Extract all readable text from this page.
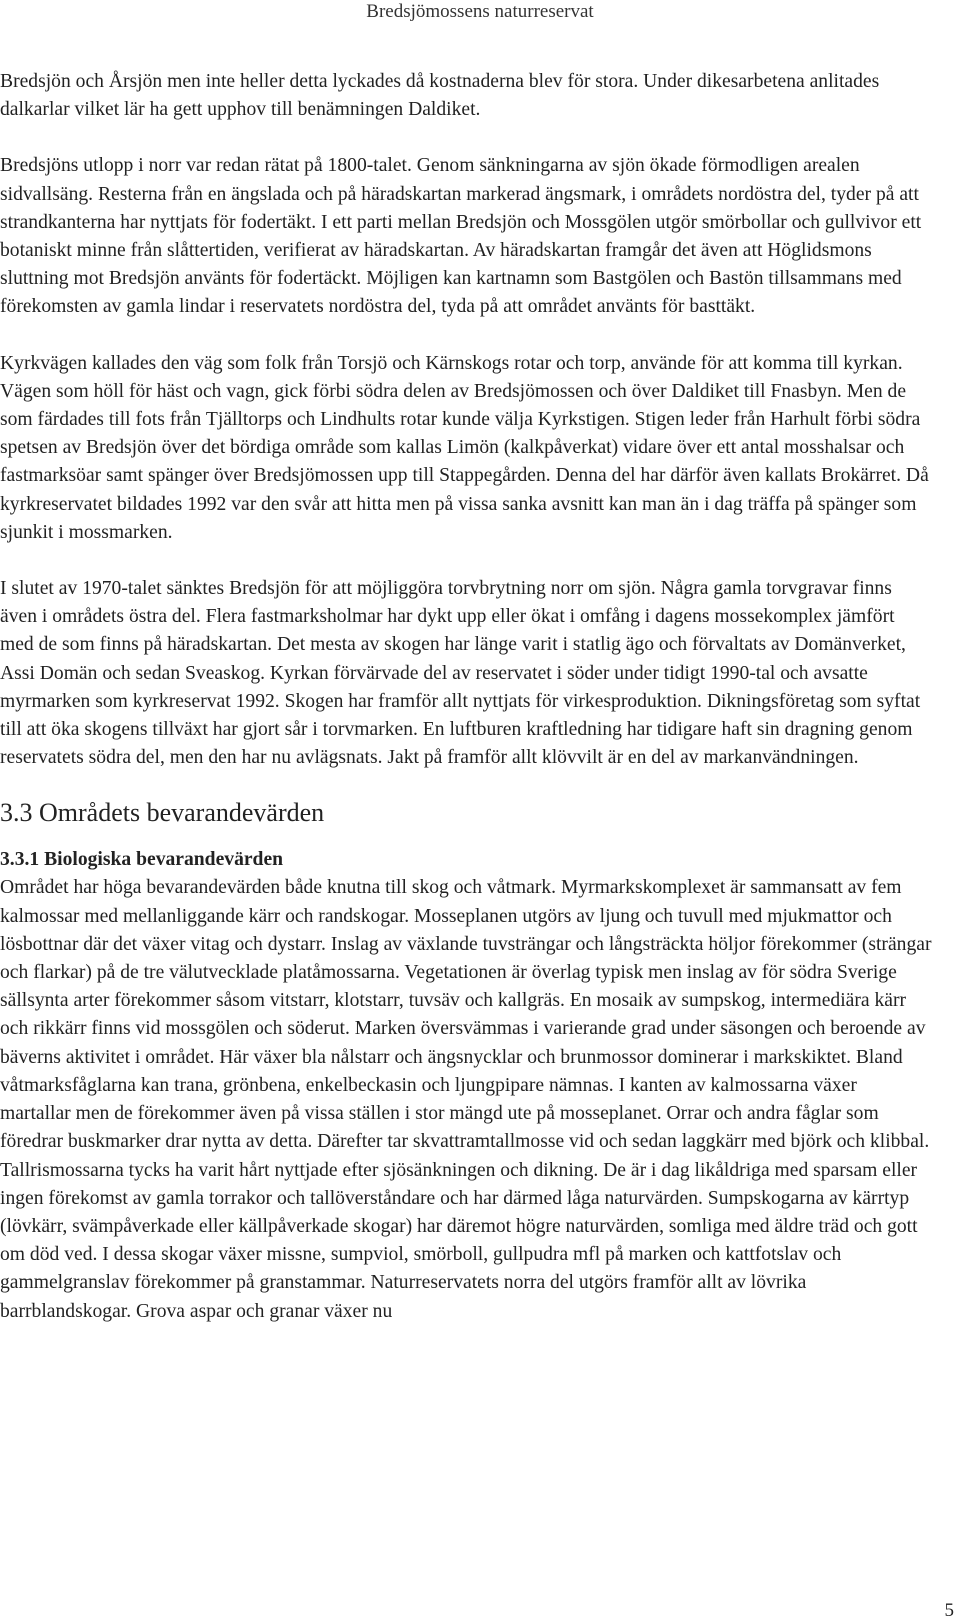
Bredsjömossens naturreservat

Bredsjön och Årsjön men inte heller detta lyckades då kostnaderna blev för stora. Under dikesarbetena anlitades dalkarlar vilket lär ha gett upphov till benämningen Daldiket.

Bredsjöns utlopp i norr var redan rätat på 1800-talet. Genom sänkningarna av sjön ökade förmodligen arealen sidvallsäng. Resterna från en ängslada och på häradskartan markerad ängsmark, i områdets nordöstra del, tyder på att strandkanterna har nyttjats för fodertäkt. I ett parti mellan Bredsjön och Mossgölen utgör smörbollar och gullvivor ett botaniskt minne från slåttertiden, verifierat av häradskartan. Av häradskartan framgår det även att Höglidsmons sluttning mot Bredsjön använts för fodertäckt. Möjligen kan kartnamn som Bastgölen och Bastön tillsammans med förekomsten av gamla lindar i reservatets nordöstra del, tyda på att området använts för basttäkt.

Kyrkvägen kallades den väg som folk från Torsjö och Kärnskogs rotar och torp, använde för att komma till kyrkan. Vägen som höll för häst och vagn, gick förbi södra delen av Bredsjömossen och över Daldiket till Fnasbyn. Men de som färdades till fots från Tjälltorps och Lindhults rotar kunde välja Kyrkstigen. Stigen leder från Harhult förbi södra spetsen av Bredsjön över det bördiga område som kallas Limön (kalkpåverkat) vidare över ett antal mosshalsar och fastmarksöar samt spänger över Bredsjömossen upp till Stappegården. Denna del har därför även kallats Brokärret. Då kyrkreservatet bildades 1992 var den svår att hitta men på vissa sanka avsnitt kan man än i dag träffa på spänger som sjunkit i mossmarken.

I slutet av 1970-talet sänktes Bredsjön för att möjliggöra torvbrytning norr om sjön. Några gamla torvgravar finns även i områdets östra del. Flera fastmarksholmar har dykt upp eller ökat i omfång i dagens mossekomplex jämfört med de som finns på häradskartan. Det mesta av skogen har länge varit i statlig ägo och förvaltats av Domänverket, Assi Domän och sedan Sveaskog. Kyrkan förvärvade del av reservatet i söder under tidigt 1990-tal och avsatte myrmarken som kyrkreservat 1992. Skogen har framför allt nyttjats för virkesproduktion. Dikningsföretag som syftat till att öka skogens tillväxt har gjort sår i torvmarken. En luftburen kraftledning har tidigare haft sin dragning genom reservatets södra del, men den har nu avlägsnats. Jakt på framför allt klövvilt är en del av markanvändningen.

3.3 Områdets bevarandevärden
3.3.1 Biologiska bevarandevärden

Området har höga bevarandevärden både knutna till skog och våtmark. Myrmarkskomplexet är sammansatt av fem kalmossar med mellanliggande kärr och randskogar. Mosseplanen utgörs av ljung och tuvull med mjukmattor och lösbottnar där det växer vitag och dystarr. Inslag av växlande tuvsträngar och långsträckta höljor förekommer (strängar och flarkar) på de tre välutvecklade platåmossarna. Vegetationen är överlag typisk men inslag av för södra Sverige sällsynta arter förekommer såsom vitstarr, klotstarr, tuvsäv och kallgräs. En mosaik av sumpskog, intermediära kärr och rikkärr finns vid mossgölen och söderut. Marken översvämmas i varierande grad under säsongen och beroende av bäverns aktivitet i området. Här växer bla nålstarr och ängsnycklar och brunmossor dominerar i markskiktet. Bland våtmarksfåglarna kan trana, grönbena, enkelbeckasin och ljungpipare nämnas. I kanten av kalmossarna växer martallar men de förekommer även på vissa ställen i stor mängd ute på mosseplanet. Orrar och andra fåglar som föredrar buskmarker drar nytta av detta. Därefter tar skvattramtallmosse vid och sedan laggkärr med björk och klibbal. Tallrismossarna tycks ha varit hårt nyttjade efter sjösänkningen och dikning. De är i dag likåldriga med sparsam eller ingen förekomst av gamla torrakor och tallöverståndare och har därmed låga naturvärden. Sumpskogarna av kärrtyp (lövkärr, svämpåverkade eller källpåverkade skogar) har däremot högre naturvärden, somliga med äldre träd och gott om död ved. I dessa skogar växer missne, sumpviol, smörboll, gullpudra mfl på marken och kattfotslav och gammelgranslav förekommer på granstammar. Naturreservatets norra del utgörs framför allt av lövrika barrblandskogar. Grova aspar och granar växer nu

5
